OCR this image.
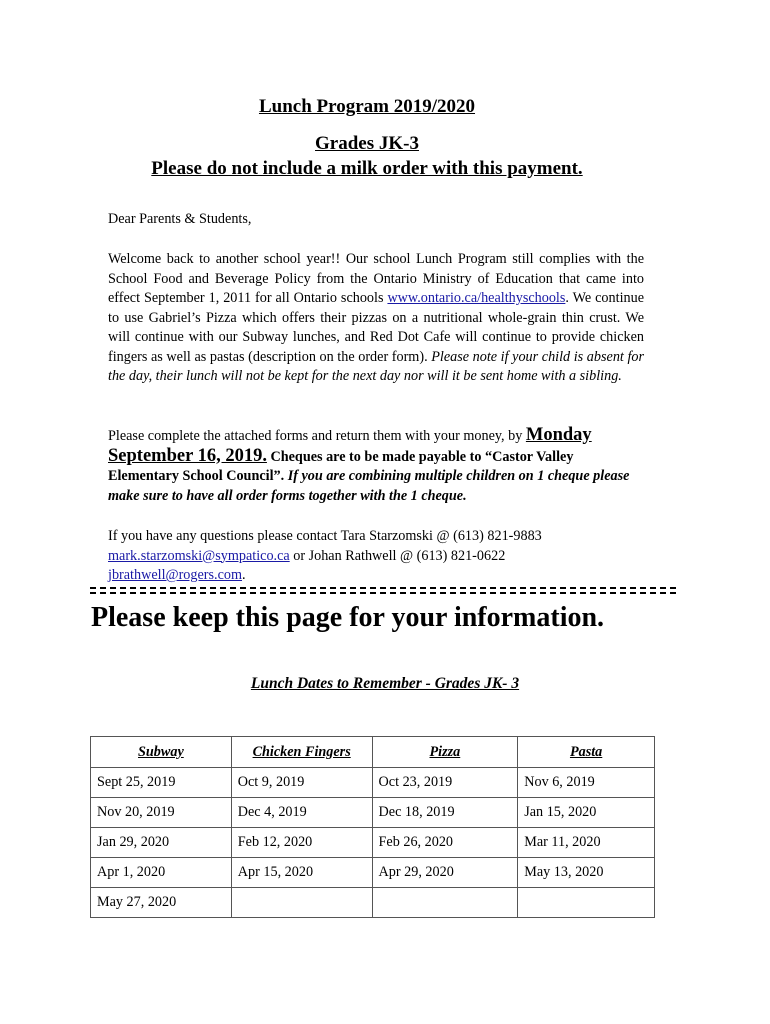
Lunch Program 2019/2020
Grades JK-3
Please do not include a milk order with this payment.
Dear Parents & Students,
Welcome back to another school year!! Our school Lunch Program still complies with the School Food and Beverage Policy from the Ontario Ministry of Education that came into effect September 1, 2011 for all Ontario schools www.ontario.ca/healthyschools. We continue to use Gabriel’s Pizza which offers their pizzas on a nutritional whole-grain thin crust. We will continue with our Subway lunches, and Red Dot Cafe will continue to provide chicken fingers as well as pastas (description on the order form). Please note if your child is absent for the day, their lunch will not be kept for the next day nor will it be sent home with a sibling.
Please complete the attached forms and return them with your money, by Monday September 16, 2019. Cheques are to be made payable to “Castor Valley Elementary School Council”. If you are combining multiple children on 1 cheque please make sure to have all order forms together with the 1 cheque.
If you have any questions please contact Tara Starzomski @ (613) 821-9883
mark.starzomski@sympatico.ca or Johan Rathwell @ (613) 821-0622
jbrathwell@rogers.com.
Please keep this page for your information.
Lunch Dates to Remember - Grades JK- 3
Subway	Chicken Fingers	Pizza	Pasta
Sept 25, 2019	Oct 9, 2019	Oct 23, 2019	Nov 6, 2019
Nov 20, 2019	Dec 4, 2019	Dec 18, 2019	Jan 15, 2020
Jan 29, 2020	Feb 12, 2020	Feb 26, 2020	Mar 11, 2020
Apr 1, 2020	Apr 15, 2020	Apr 29, 2020	May 13, 2020
May 27, 2020			
